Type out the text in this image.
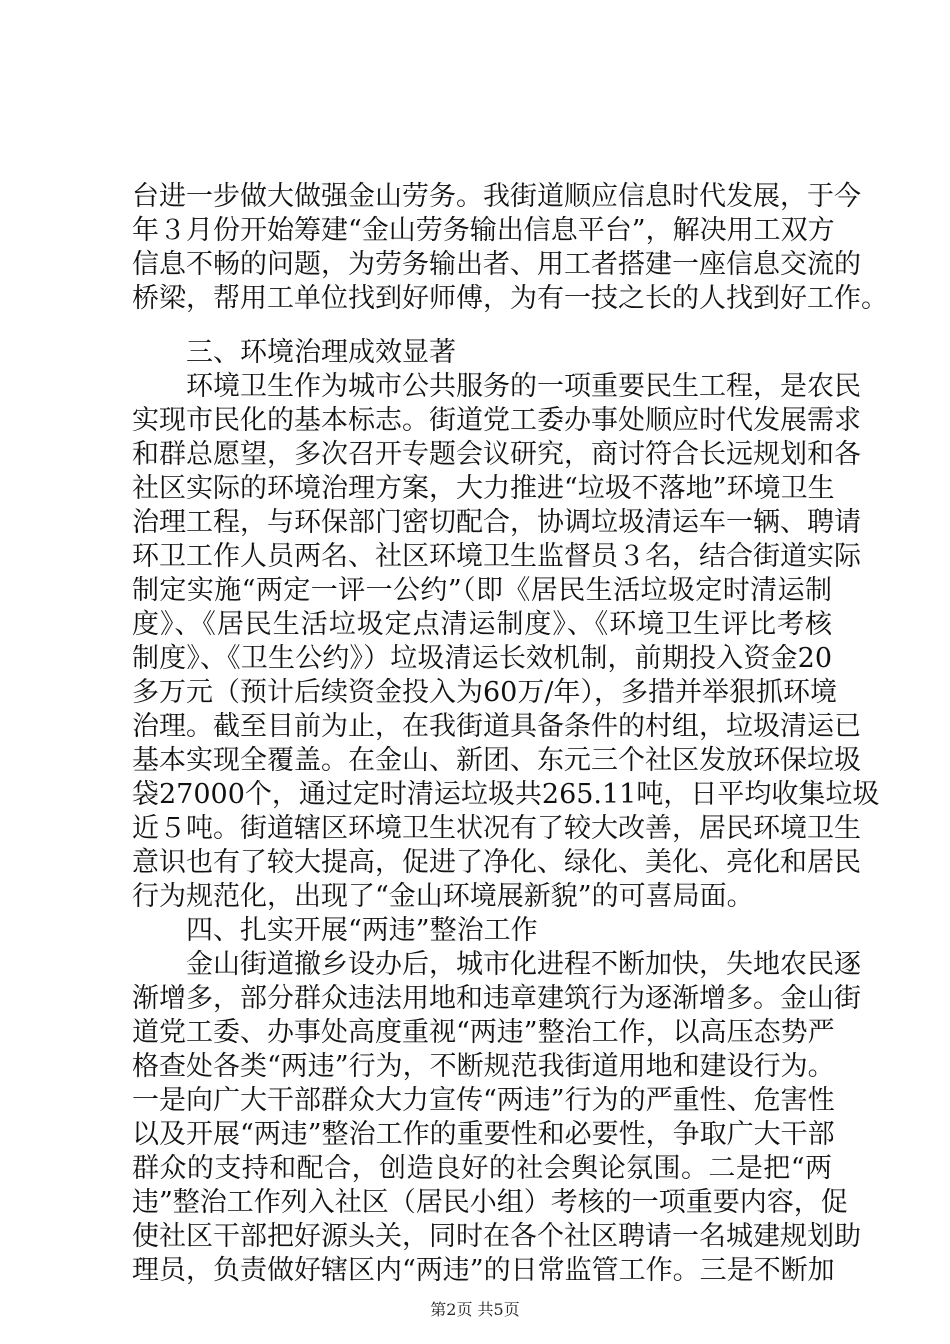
台进一步做大做强金山劳务。我街道顺应信息时代发展，于今
年３月份开始筹建“金山劳务输出信息平台”，解决用工双方
信息不畅的问题，为劳务输出者、用工者搭建一座信息交流的
桥梁，帮用工单位找到好师傅，为有一技之长的人找到好工作。
三、环境治理成效显著
环境卫生作为城市公共服务的一项重要民生工程，是农民
实现市民化的基本标志。街道党工委办事处顺应时代发展需求
和群总愿望，多次召开专题会议研究，商讨符合长远规划和各
社区实际的环境治理方案，大力推进“垃圾不落地”环境卫生
治理工程，与环保部门密切配合，协调垃圾清运车一辆、聘请
环卫工作人员两名、社区环境卫生监督员３名，结合街道实际
制定实施“两定一评一公约”（即《居民生活垃圾定时清运制
度》、《居民生活垃圾定点清运制度》、《环境卫生评比考核
制度》、《卫生公约》）垃圾清运长效机制，前期投入资金20
多万元（预计后续资金投入为60万/年），多措并举狠抓环境
治理。截至目前为止，在我街道具备条件的村组，垃圾清运已
基本实现全覆盖。在金山、新团、东元三个社区发放环保垃圾
袋27000个，通过定时清运垃圾共265.11吨，日平均收集垃圾
近５吨。街道辖区环境卫生状况有了较大改善，居民环境卫生
意识也有了较大提高，促进了净化、绿化、美化、亮化和居民
行为规范化，出现了“金山环境展新貌”的可喜局面。
四、扎实开展“两违”整治工作
金山街道撤乡设办后，城市化进程不断加快，失地农民逐
渐增多，部分群众违法用地和违章建筑行为逐渐增多。金山街
道党工委、办事处高度重视“两违”整治工作，以高压态势严
格查处各类“两违”行为，不断规范我街道用地和建设行为。
一是向广大干部群众大力宣传“两违”行为的严重性、危害性
以及开展“两违”整治工作的重要性和必要性，争取广大干部
群众的支持和配合，创造良好的社会舆论氛围。二是把“两
违”整治工作列入社区（居民小组）考核的一项重要内容，促
使社区干部把好源头关，同时在各个社区聘请一名城建规划助
理员，负责做好辖区内“两违”的日常监管工作。三是不断加
第2页 共5页
